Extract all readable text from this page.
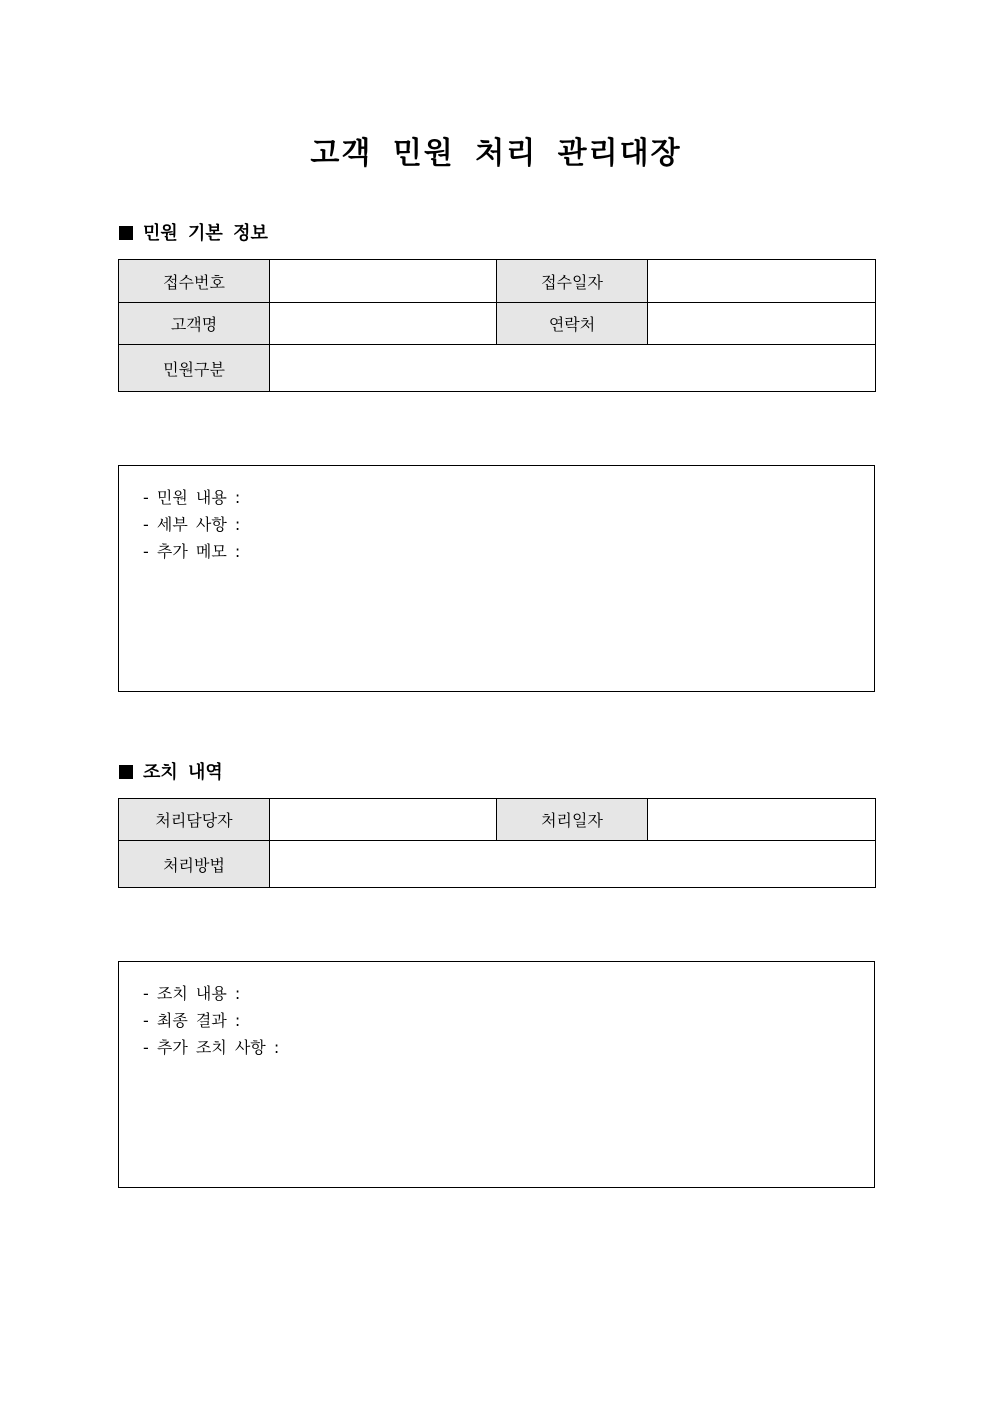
고객 민원 처리 관리대장
민원 기본 정보
접수번호		접수일자	
고객명		연락처	
민원구분			
- 민원 내용 :
- 세부 사항 :
- 추가 메모 :
조치 내역
처리담당자		처리일자	
처리방법			
- 조치 내용 :
- 최종 결과 :
- 추가 조치 사항 :
